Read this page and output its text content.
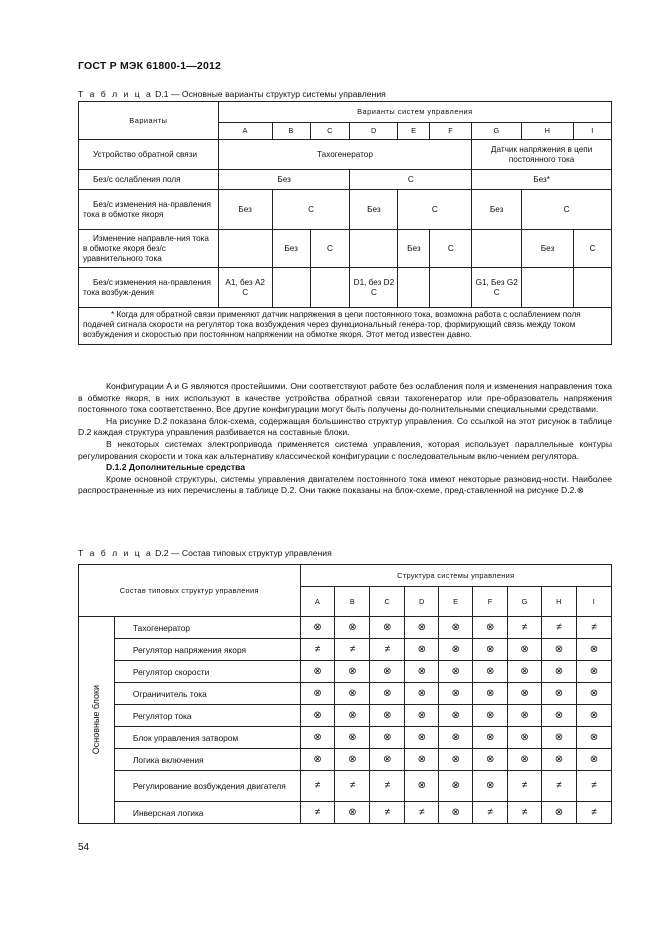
ГОСТ Р МЭК 61800-1—2012
Т а б л и ц а D.1 — Основные варианты структур системы управления
Варианты	Варианты систем управления								
	A	B	C	D	E	F	G	H	I
Устройство обратной связи	Тахогенератор						Датчик напряжения в цепи постоянного тока		
Без/с ослабления поля	Без			С			Без*		
Без/с изменения на-правления тока в обмотке якоря	Без	С		Без	С		Без	С	
Изменение направле-ния тока в обмотке якоря без/с уравнительного тока		Без	С		Без	С		Без	С
Без/с изменения на-правления тока возбуж-дения	A1, без A2 C			D1, без D2 C			G1, Без G2 C		

* Когда для обратной связи применяют датчик напряжения в цепи постоянного тока, возможна работа с ослаблением поля подачей сигнала скорости на регулятор тока возбуждения через функциональный генера-тор, формирующий связь между током возбуждения и скоростью при постоянном напряжении на обмотке якоря. Этот метод известен давно.									

Конфигурации A и G являются простейшими. Они соответствуют работе без ослабления поля и изменения направления тока в обмотке якоря, в них используют в качестве устройства обратной связи тахогенератор или пре-образователь напряжения постоянного тока соответственно. Все другие конфигурации могут быть получены до-полнительными специальными средствами.

На рисунке D.2 показана блок-схема, содержащая большинство структур управления. Со ссылкой на этот рисунок в таблице D.2 каждая структура управления разбивается на составные блоки.

В некоторых системах электропривода применяется система управления, которая использует параллельные контуры регулирования скорости и тока как альтернативу классической конфигурации с последовательным вклю-чением регулятора.

D.1.2 Дополнительные средства

Кроме основной структуры, системы управления двигателем постоянного тока имеют некоторые разновид-ности. Наиболее распространенные из них перечислены в таблице D.2. Они также показаны на блок-схеме, пред-ставленной на рисунке D.2.⊗

Т а б л и ц а D.2 — Состав типовых структур управления
Состав типовых структур управления		Структура системы управления								
		A	B	C	D	E	F	G	H	I

Основные блоки	Тахогенератор	⊗	⊗	⊗	⊗	⊗	⊗	≠	≠	≠
	Регулятор напряжения якоря	≠	≠	≠	⊗	⊗	⊗	⊗	⊗	⊗
	Регулятор скорости	⊗	⊗	⊗	⊗	⊗	⊗	⊗	⊗	⊗
	Ограничитель тока	⊗	⊗	⊗	⊗	⊗	⊗	⊗	⊗	⊗
	Регулятор тока	⊗	⊗	⊗	⊗	⊗	⊗	⊗	⊗	⊗
	Блок управления затвором	⊗	⊗	⊗	⊗	⊗	⊗	⊗	⊗	⊗
	Логика включения	⊗	⊗	⊗	⊗	⊗	⊗	⊗	⊗	⊗
	Регулирование возбуждения двигателя	≠	≠	≠	⊗	⊗	⊗	≠	≠	≠
	Инверсная логика	≠	⊗	≠	≠	⊗	≠	≠	⊗	≠
54
